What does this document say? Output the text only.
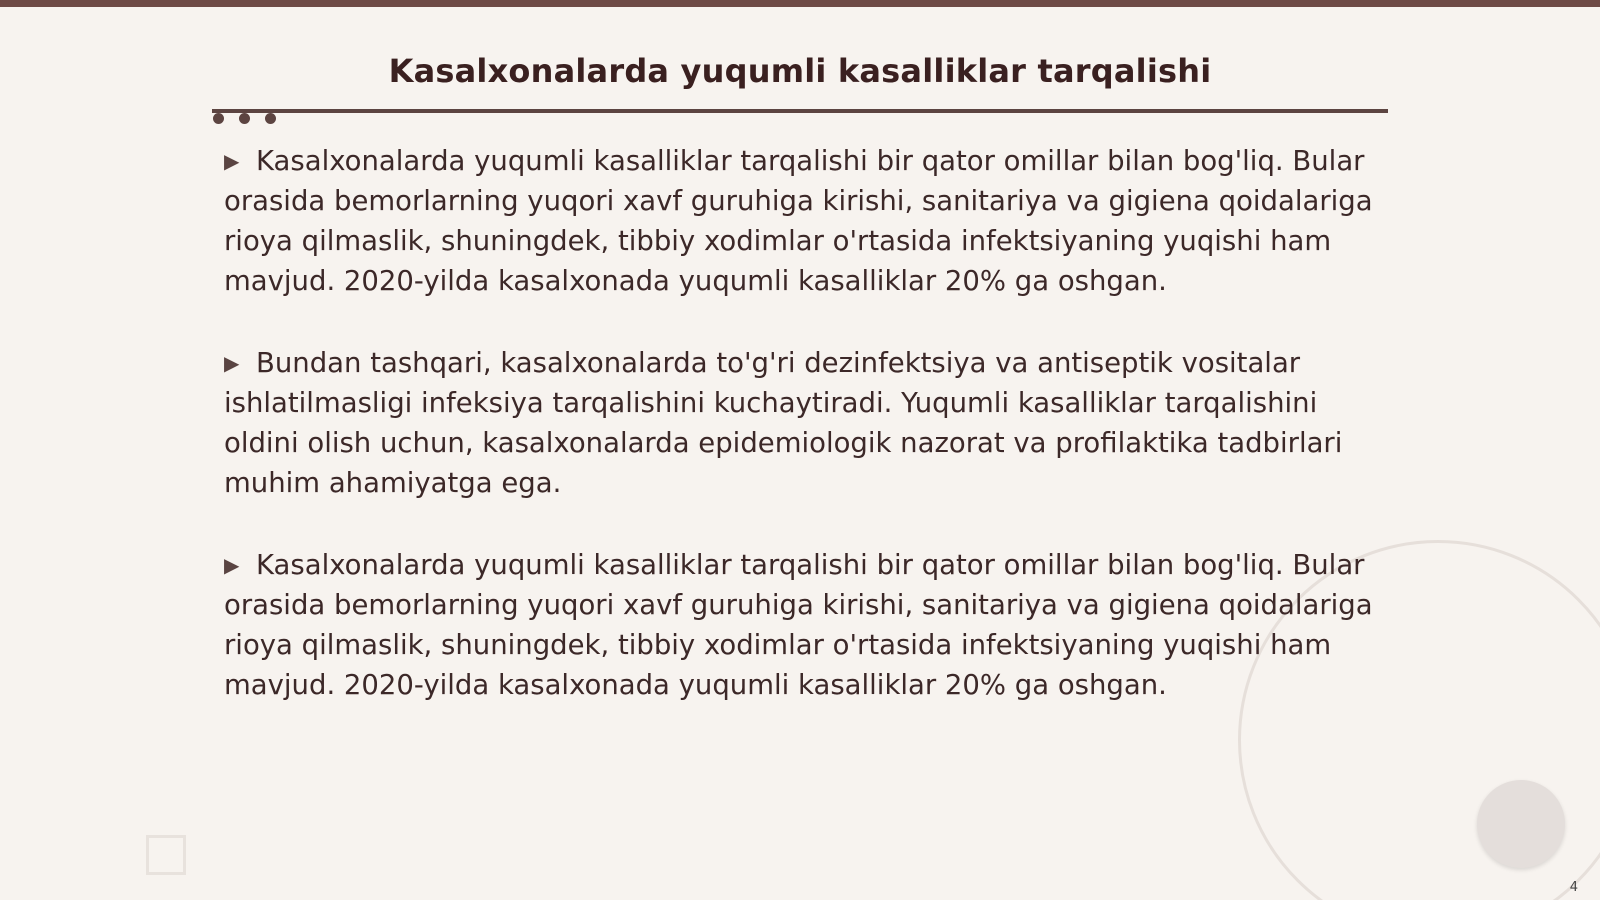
Kasalxonalarda yuqumli kasalliklar tarqalishi

▶ Kasalxonalarda yuqumli kasalliklar tarqalishi bir qator omillar bilan bog'liq. Bular orasida bemorlarning yuqori xavf guruhiga kirishi, sanitariya va gigiena qoidalariga rioya qilmaslik, shuningdek, tibbiy xodimlar o'rtasida infektsiyaning yuqishi ham mavjud. 2020-yilda kasalxonada yuqumli kasalliklar 20% ga oshgan.

▶ Bundan tashqari, kasalxonalarda to'g'ri dezinfektsiya va antiseptik vositalar ishlatilmasligi infeksiya tarqalishini kuchaytiradi. Yuqumli kasalliklar tarqalishini oldini olish uchun, kasalxonalarda epidemiologik nazorat va profilaktika tadbirlari muhim ahamiyatga ega.

▶ Kasalxonalarda yuqumli kasalliklar tarqalishi bir qator omillar bilan bog'liq. Bular orasida bemorlarning yuqori xavf guruhiga kirishi, sanitariya va gigiena qoidalariga rioya qilmaslik, shuningdek, tibbiy xodimlar o'rtasida infektsiyaning yuqishi ham mavjud. 2020-yilda kasalxonada yuqumli kasalliklar 20% ga oshgan.

4
